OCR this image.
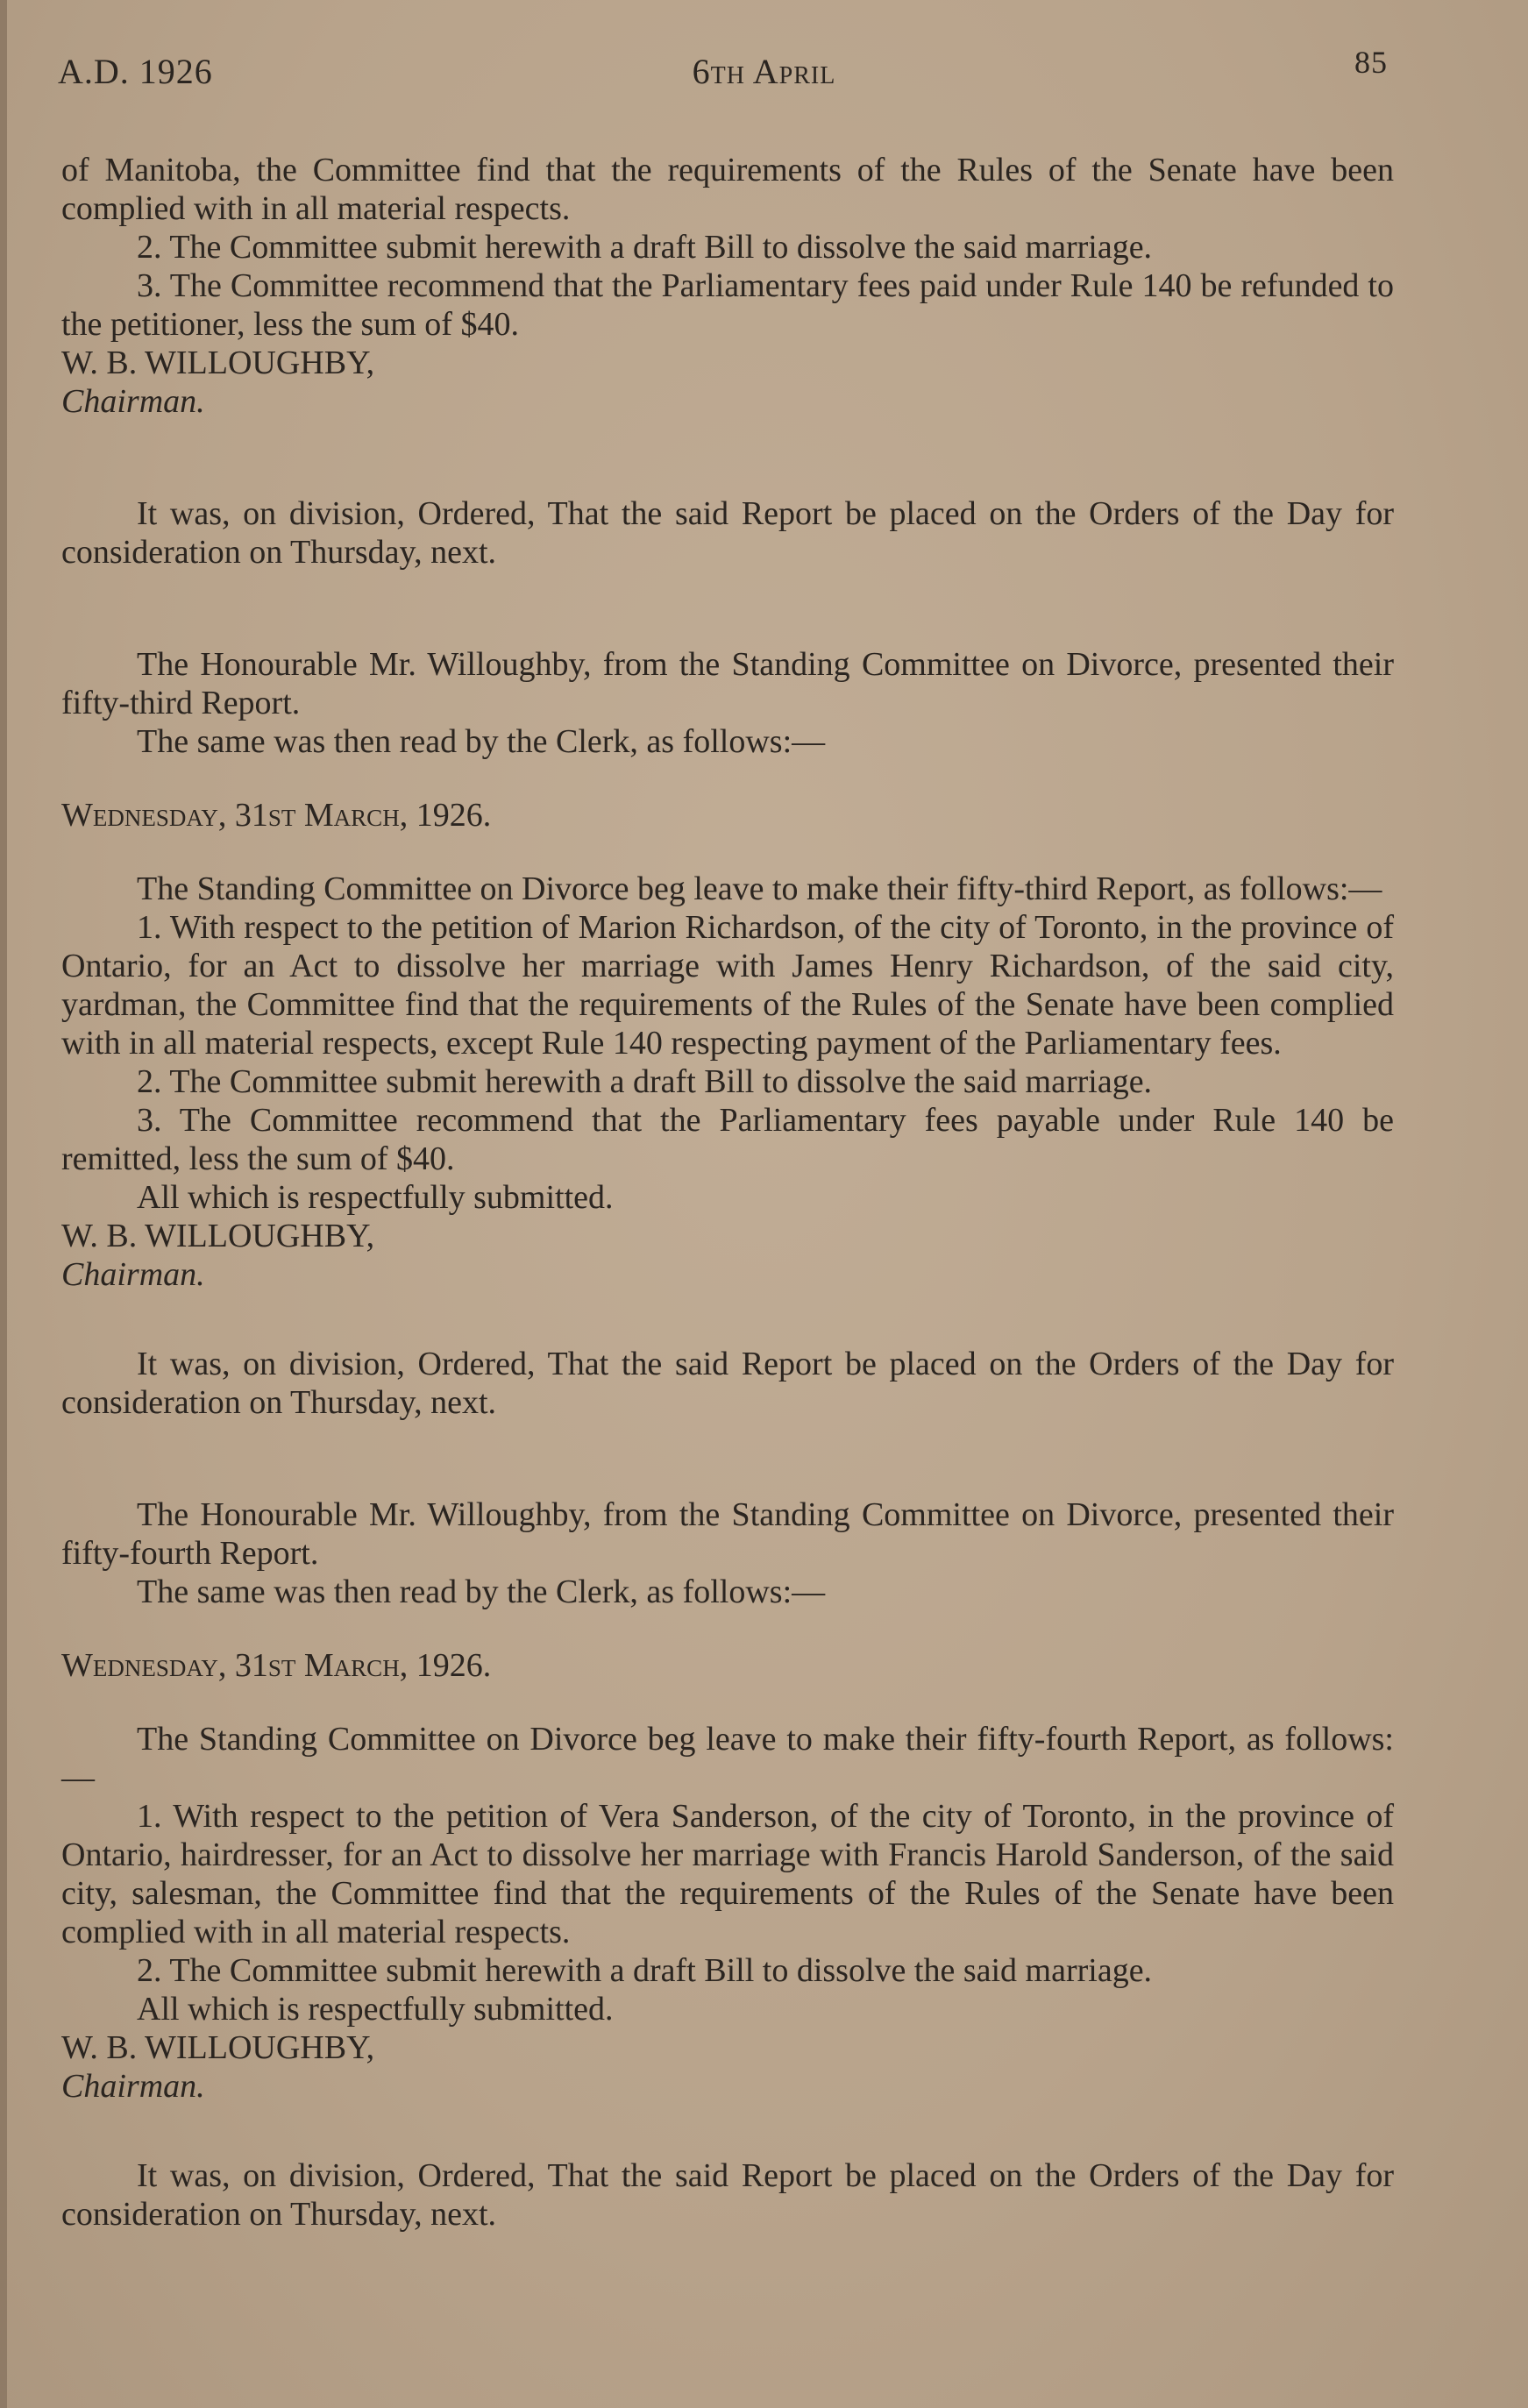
A.D. 1926	6th April	85

of Manitoba, the Committee find that the requirements of the Rules of the Senate have been complied with in all material respects.

2. The Committee submit herewith a draft Bill to dissolve the said marriage.

3. The Committee recommend that the Parliamentary fees paid under Rule 140 be refunded to the petitioner, less the sum of $40.

W. B. WILLOUGHBY,

Chairman.

It was, on division, Ordered, That the said Report be placed on the Orders of the Day for consideration on Thursday, next.

The Honourable Mr. Willoughby, from the Standing Committee on Divorce, presented their fifty-third Report.

The same was then read by the Clerk, as follows:—

Wednesday, 31st March, 1926.

The Standing Committee on Divorce beg leave to make their fifty-third Report, as follows:—

1. With respect to the petition of Marion Richardson, of the city of Toronto, in the province of Ontario, for an Act to dissolve her marriage with James Henry Richardson, of the said city, yardman, the Committee find that the requirements of the Rules of the Senate have been complied with in all material respects, except Rule 140 respecting payment of the Parliamentary fees.

2. The Committee submit herewith a draft Bill to dissolve the said marriage.

3. The Committee recommend that the Parliamentary fees payable under Rule 140 be remitted, less the sum of $40.

All which is respectfully submitted.

W. B. WILLOUGHBY,

Chairman.

It was, on division, Ordered, That the said Report be placed on the Orders of the Day for consideration on Thursday, next.

The Honourable Mr. Willoughby, from the Standing Committee on Divorce, presented their fifty-fourth Report.

The same was then read by the Clerk, as follows:—

Wednesday, 31st March, 1926.

The Standing Committee on Divorce beg leave to make their fifty-fourth Report, as follows:—

1. With respect to the petition of Vera Sanderson, of the city of Toronto, in the province of Ontario, hairdresser, for an Act to dissolve her marriage with Francis Harold Sanderson, of the said city, salesman, the Committee find that the requirements of the Rules of the Senate have been complied with in all material respects.

2. The Committee submit herewith a draft Bill to dissolve the said marriage.

All which is respectfully submitted.

W. B. WILLOUGHBY,

Chairman.

It was, on division, Ordered, That the said Report be placed on the Orders of the Day for consideration on Thursday, next.
